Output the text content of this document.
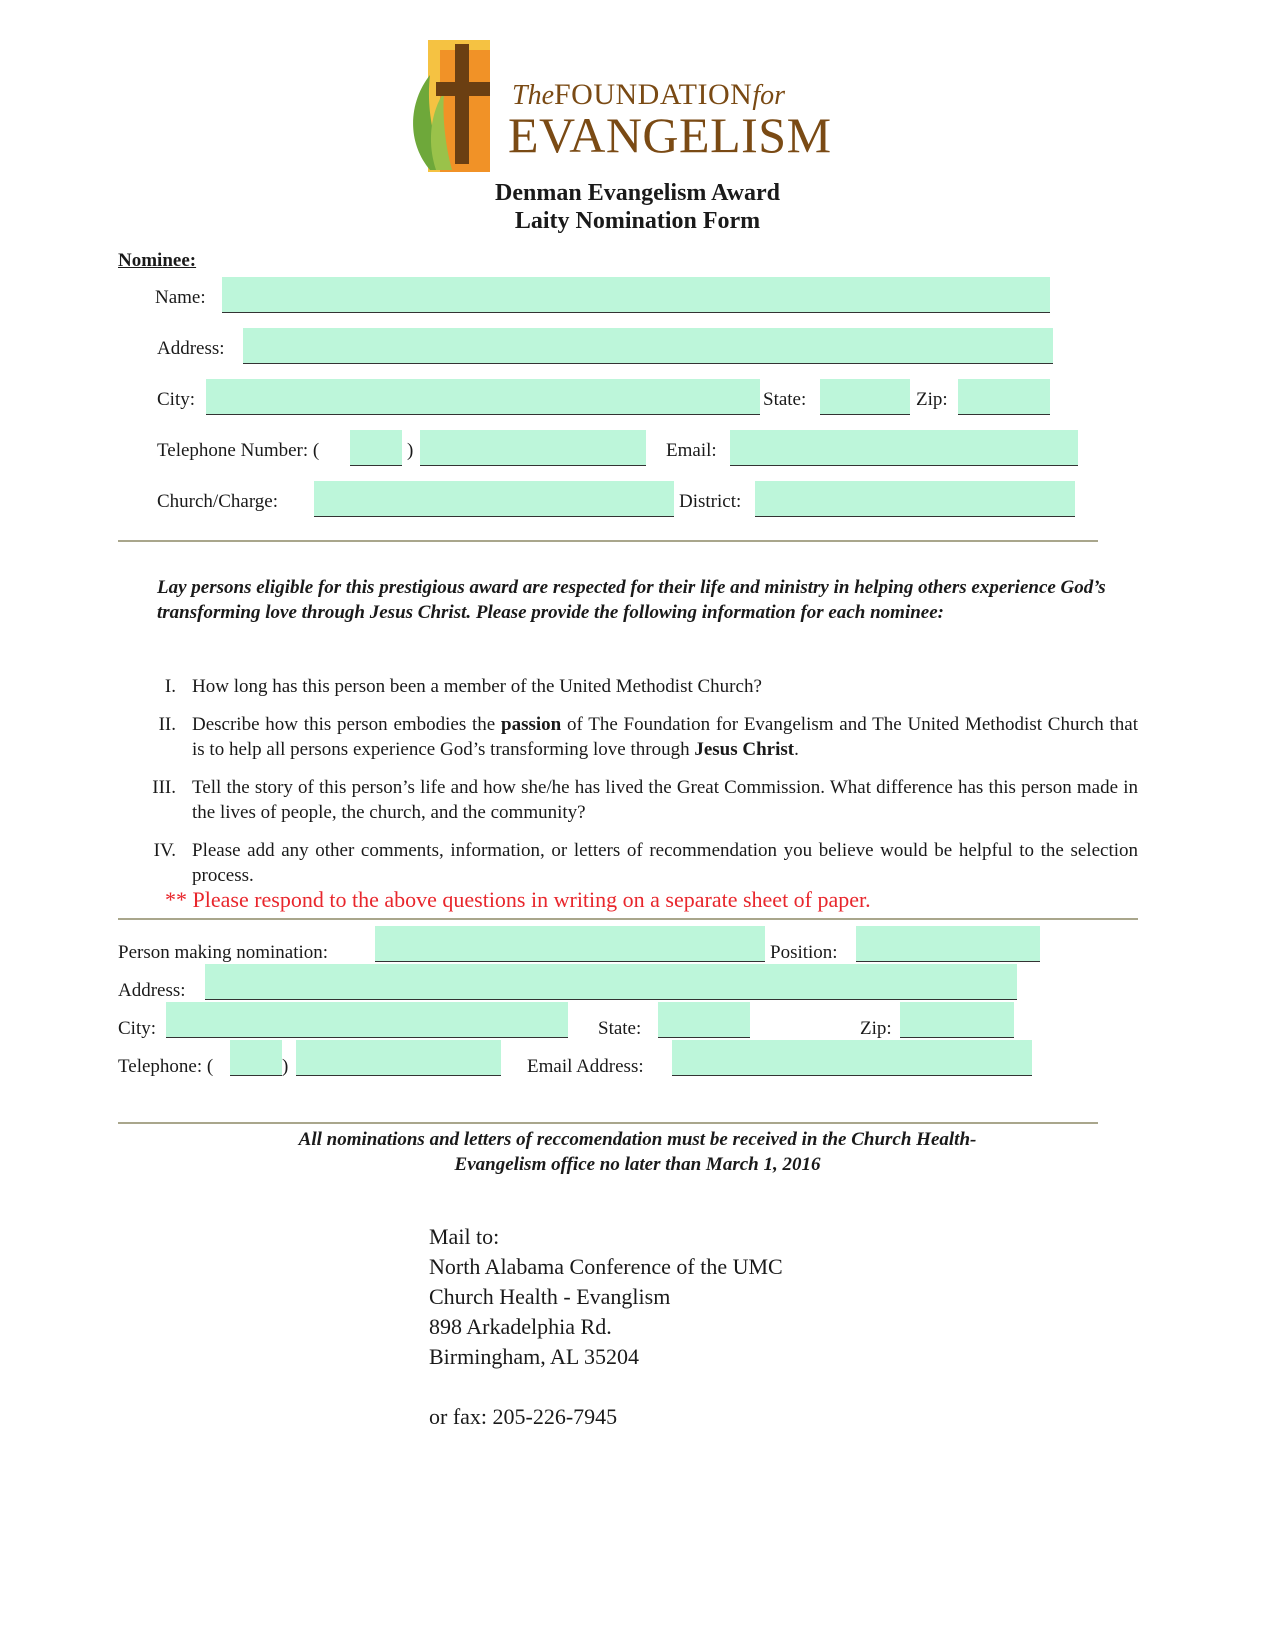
TheFOUNDATIONfor
EVANGELISM
Denman Evangelism Award
Laity Nomination Form
Nominee:
Name:
Address:
City:	State:	Zip:
Telephone Number: (	)	Email:
Church/Charge:	District:
Lay persons eligible for this prestigious award are respected for their life and ministry in helping others experience God’s transforming love through Jesus Christ. Please provide the following information for each nominee:
I. How long has this person been a member of the United Methodist Church?
II. Describe how this person embodies the passion of The Foundation for Evangelism and The United Methodist Church that is to help all persons experience God’s transforming love through Jesus Christ.
III. Tell the story of this person’s life and how she/he has lived the Great Commission. What difference has this person made in the lives of people, the church, and the community?
IV. Please add any other comments, information, or letters of recommendation you believe would be helpful to the selection process.
** Please respond to the above questions in writing on a separate sheet of paper.
Person making nomination:	Position:
Address:
City:	State:	Zip:
Telephone: (	)	Email Address:
All nominations and letters of reccomendation must be received in the Church Health-
Evangelism office no later than March 1, 2016
Mail to:
North Alabama Conference of the UMC
Church Health - Evanglism
898 Arkadelphia Rd.
Birmingham, AL 35204
or fax: 205-226-7945
